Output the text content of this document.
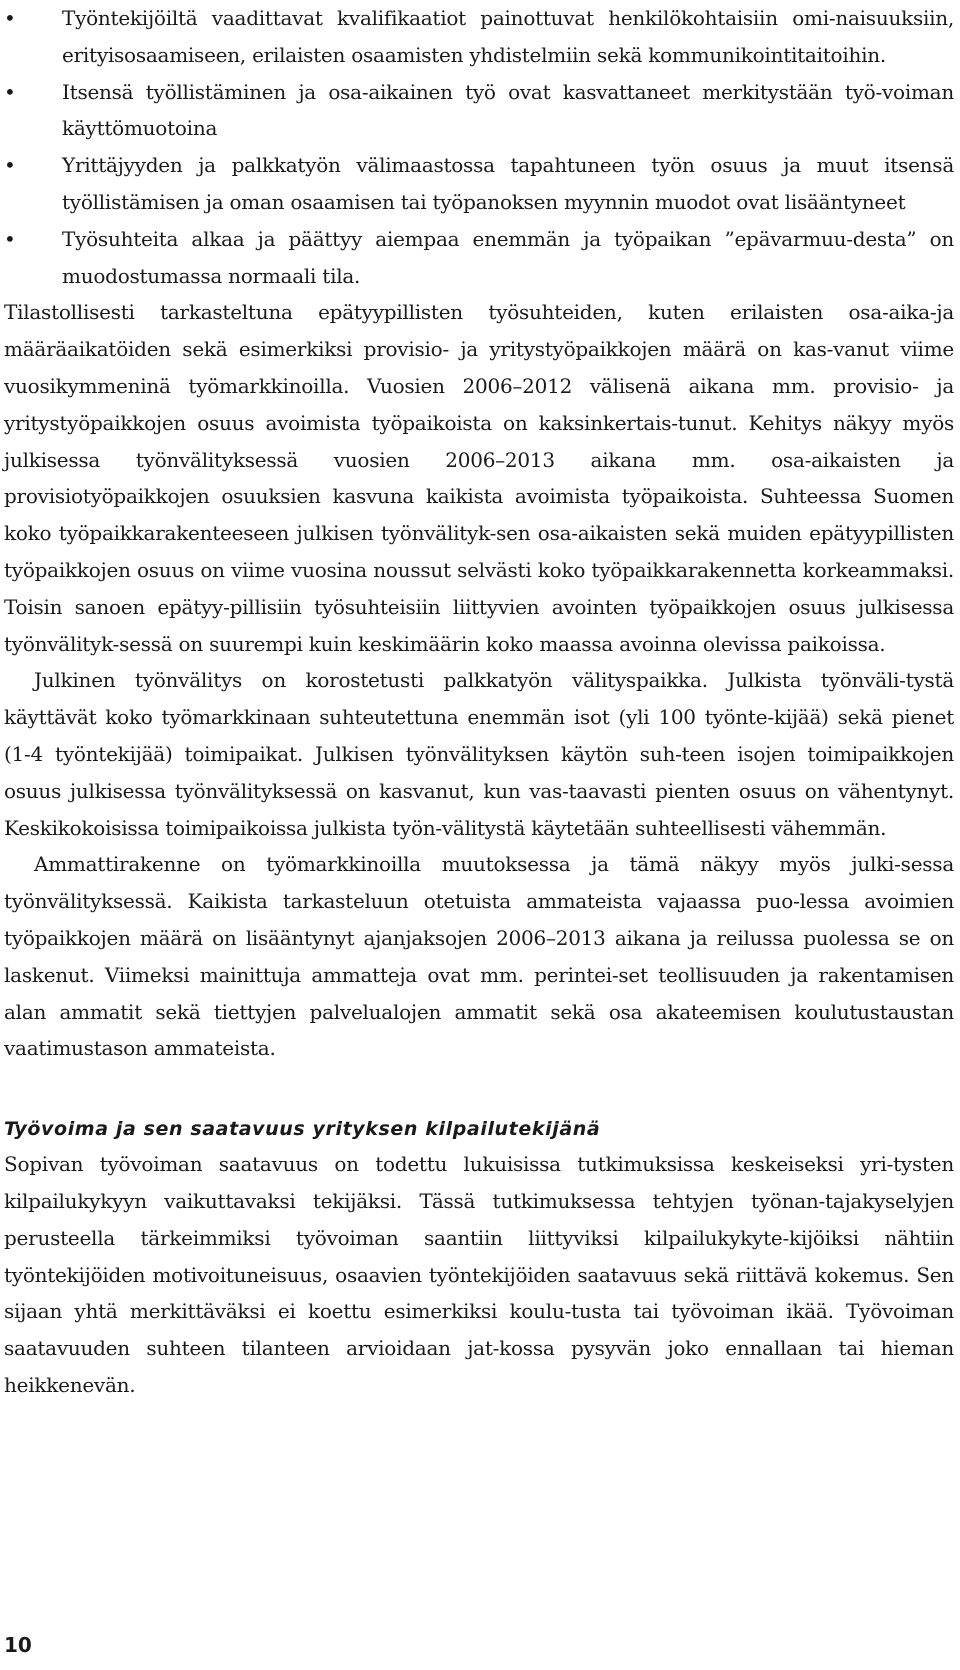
•	Työntekijöiltä vaadittavat kvalifikaatiot painottuvat henkilökohtaisiin omi-naisuuksiin, erityisosaamiseen, erilaisten osaamisten yhdistelmiin sekä kommunikointitaitoihin.
•	Itsensä työllistäminen ja osa-aikainen työ ovat kasvattaneet merkitystään työ-voiman käyttömuotoina
•	Yrittäjyyden ja palkkatyön välimaastossa tapahtuneen työn osuus ja muut itsensä työllistämisen ja oman osaamisen tai työpanoksen myynnin muodot ovat lisääntyneet
•	Työsuhteita alkaa ja päättyy aiempaa enemmän ja työpaikan ”epävarmuu-desta” on muodostumassa normaali tila.

Tilastollisesti tarkasteltuna epätyypillisten työsuhteiden, kuten erilaisten osa-aika-ja määräaikatöiden sekä esimerkiksi provisio- ja yritystyöpaikkojen määrä on kas-vanut viime vuosikymmeninä työmarkkinoilla. Vuosien 2006–2012 välisenä aikana mm. provisio- ja yritystyöpaikkojen osuus avoimista työpaikoista on kaksinkertais-tunut. Kehitys näkyy myös julkisessa työnvälityksessä vuosien 2006–2013 aikana mm. osa-aikaisten ja provisiotyöpaikkojen osuuksien kasvuna kaikista avoimista työpaikoista. Suhteessa Suomen koko työpaikkarakenteeseen julkisen työnvälityk-sen osa-aikaisten sekä muiden epätyypillisten työpaikkojen osuus on viime vuosina noussut selvästi koko työpaikkarakennetta korkeammaksi. Toisin sanoen epätyy-pillisiin työsuhteisiin liittyvien avointen työpaikkojen osuus julkisessa työnvälityk-sessä on suurempi kuin keskimäärin koko maassa avoinna olevissa paikoissa.

Julkinen työnvälitys on korostetusti palkkatyön välityspaikka. Julkista työnväli-tystä käyttävät koko työmarkkinaan suhteutettuna enemmän isot (yli 100 työnte-kijää) sekä pienet (1-4 työntekijää) toimipaikat. Julkisen työnvälityksen käytön suh-teen isojen toimipaikkojen osuus julkisessa työnvälityksessä on kasvanut, kun vas-taavasti pienten osuus on vähentynyt. Keskikokoisissa toimipaikoissa julkista työn-välitystä käytetään suhteellisesti vähemmän.

Ammattirakenne on työmarkkinoilla muutoksessa ja tämä näkyy myös julki-sessa työnvälityksessä. Kaikista tarkasteluun otetuista ammateista vajaassa puo-lessa avoimien työpaikkojen määrä on lisääntynyt ajanjaksojen 2006–2013 aikana ja reilussa puolessa se on laskenut. Viimeksi mainittuja ammatteja ovat mm. perintei-set teollisuuden ja rakentamisen alan ammatit sekä tiettyjen palvelualojen ammatit sekä osa akateemisen koulutustaustan vaatimustason ammateista.

Työvoima ja sen saatavuus yrityksen kilpailutekijänä

Sopivan työvoiman saatavuus on todettu lukuisissa tutkimuksissa keskeiseksi yri-tysten kilpailukykyyn vaikuttavaksi tekijäksi. Tässä tutkimuksessa tehtyjen työnan-tajakyselyjen perusteella tärkeimmiksi työvoiman saantiin liittyviksi kilpailukykyte-kijöiksi nähtiin työntekijöiden motivoituneisuus, osaavien työntekijöiden saatavuus sekä riittävä kokemus. Sen sijaan yhtä merkittäväksi ei koettu esimerkiksi koulu-tusta tai työvoiman ikää. Työvoiman saatavuuden suhteen tilanteen arvioidaan jat-kossa pysyvän joko ennallaan tai hieman heikkenevän.

10
